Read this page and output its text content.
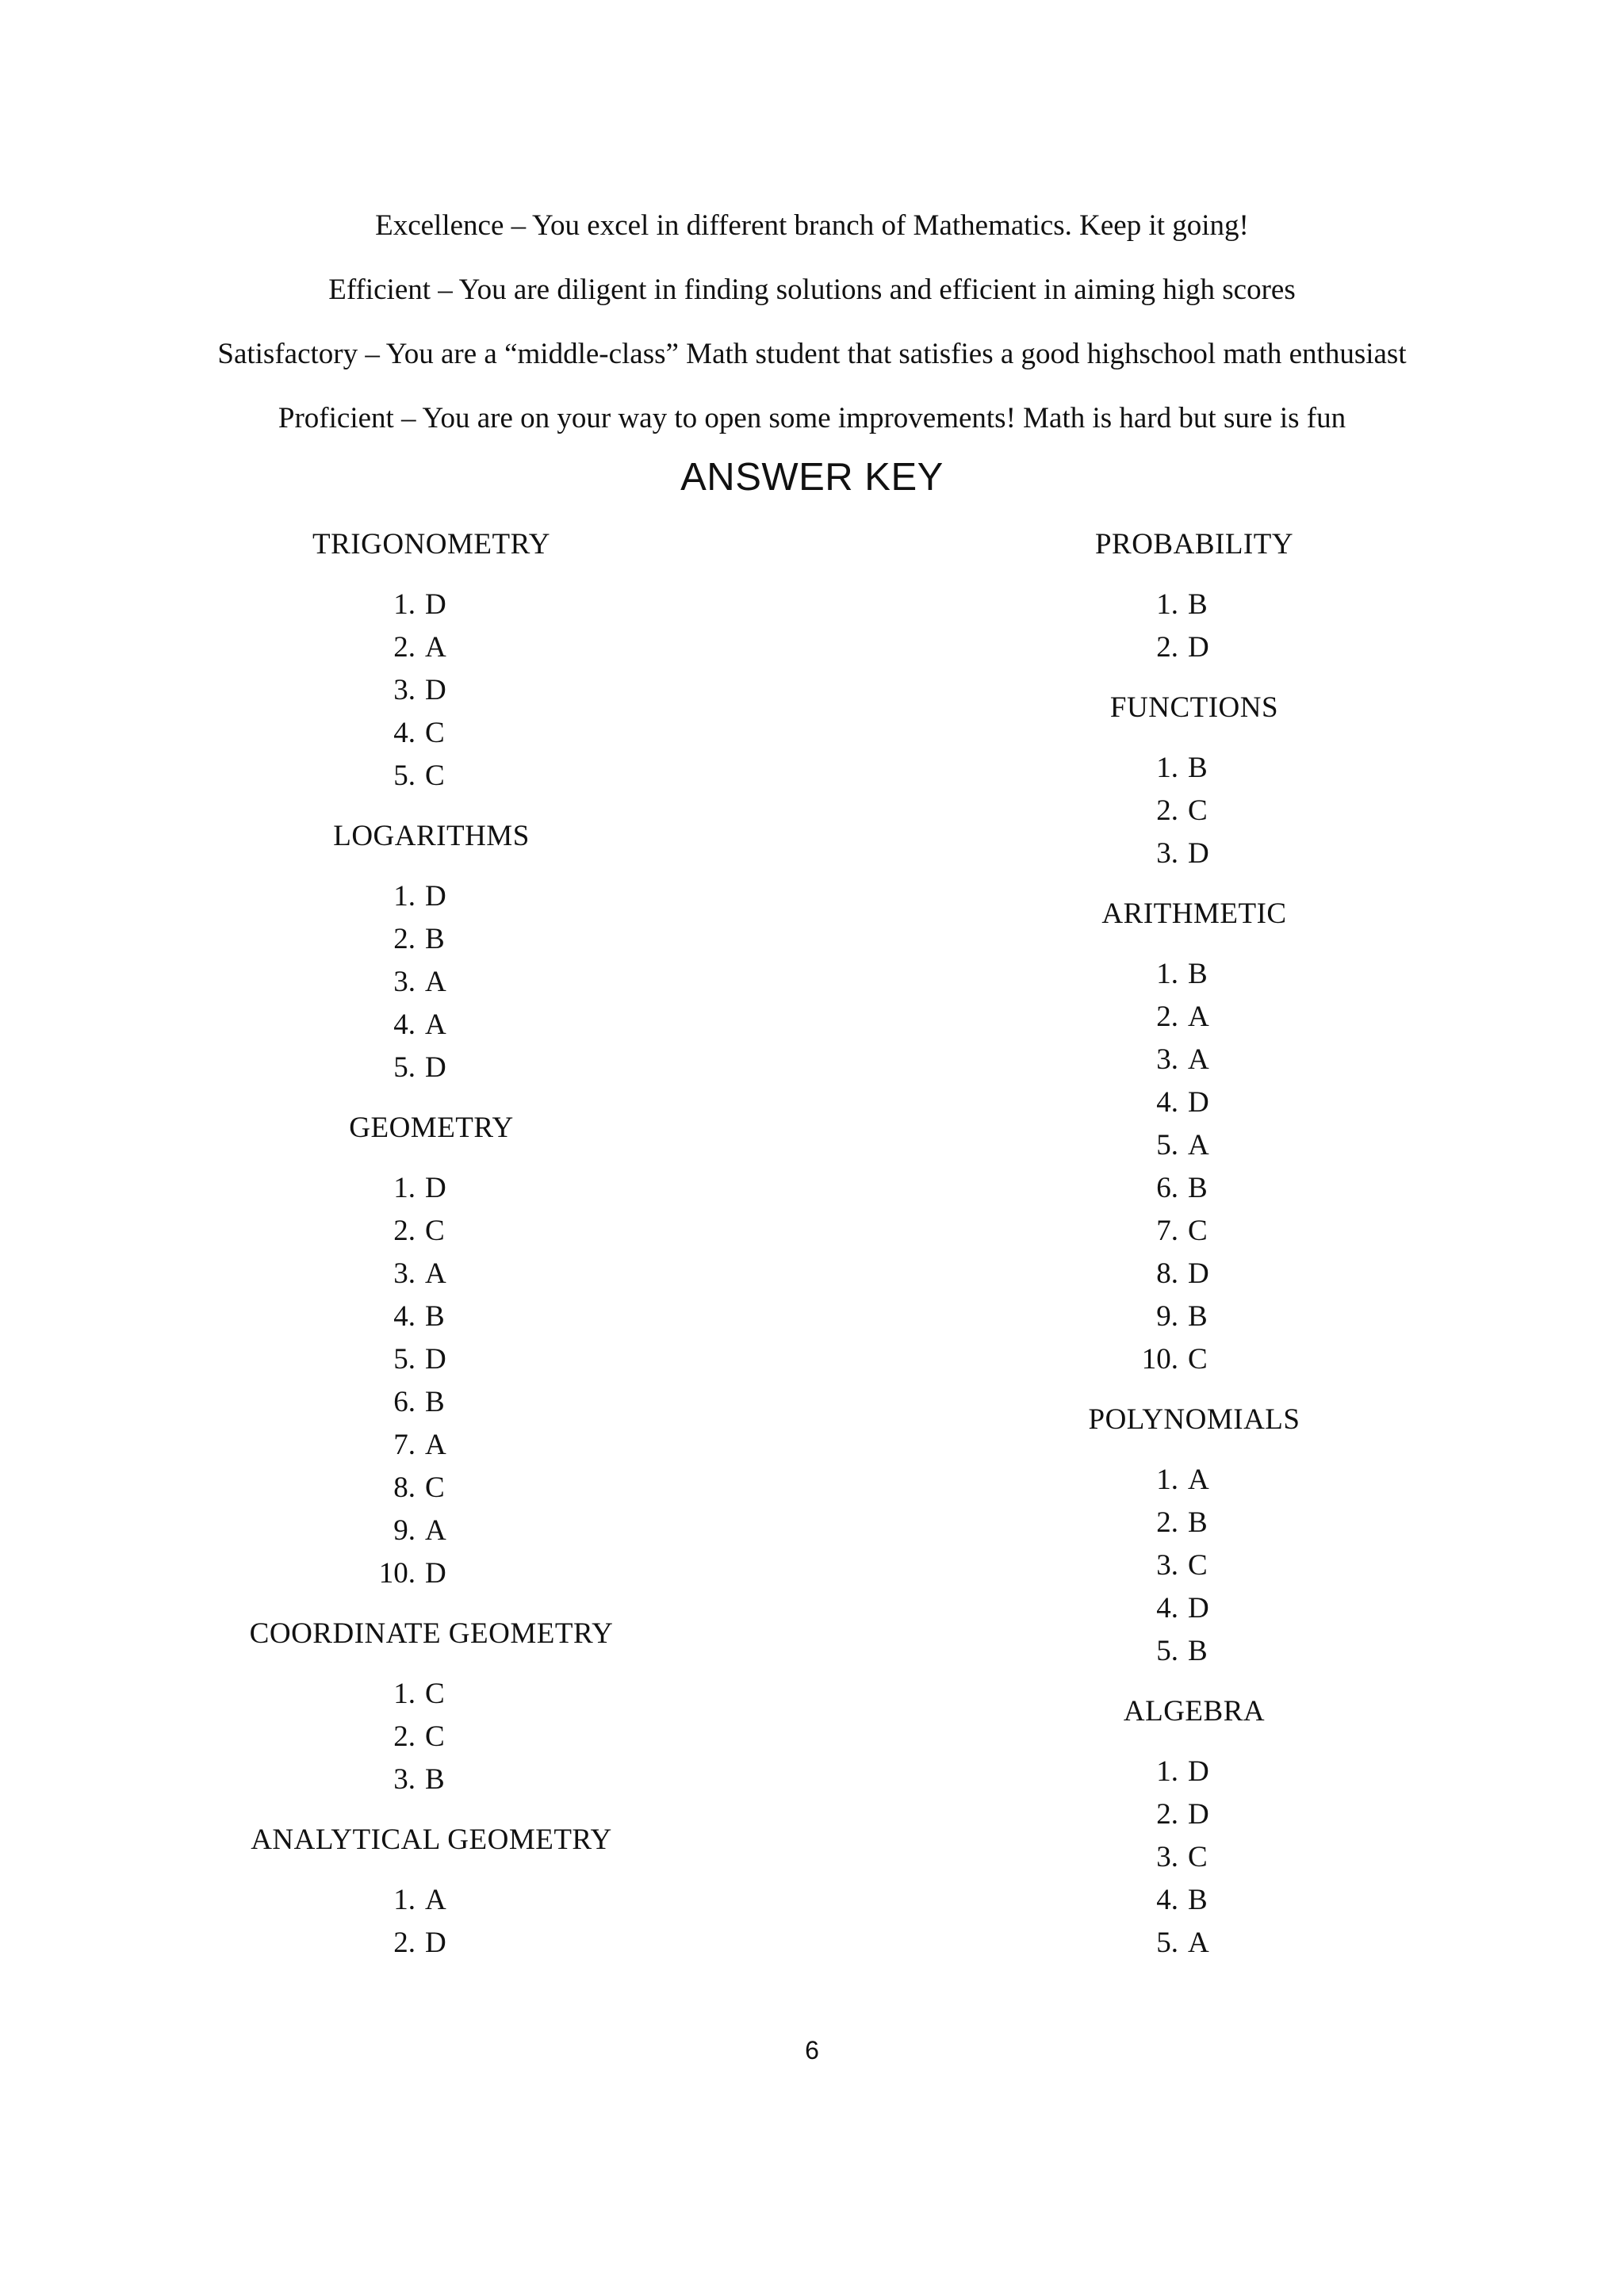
Excellence – You excel in different branch of Mathematics. Keep it going!
Efficient – You are diligent in finding solutions and efficient in aiming high scores
Satisfactory – You are a “middle-class” Math student that satisfies a good highschool math enthusiast
Proficient – You are on your way to open some improvements! Math is hard but sure is fun
ANSWER KEY
TRIGONOMETRY
1. D
2. A
3. D
4. C
5. C
LOGARITHMS
1. D
2. B
3. A
4. A
5. D
GEOMETRY
1. D
2. C
3. A
4. B
5. D
6. B
7. A
8. C
9. A
10. D
COORDINATE GEOMETRY
1. C
2. C
3. B
ANALYTICAL GEOMETRY
1. A
2. D
PROBABILITY
1. B
2. D
FUNCTIONS
1. B
2. C
3. D
ARITHMETIC
1. B
2. A
3. A
4. D
5. A
6. B
7. C
8. D
9. B
10. C
POLYNOMIALS
1. A
2. B
3. C
4. D
5. B
ALGEBRA
1. D
2. D
3. C
4. B
5. A
6
